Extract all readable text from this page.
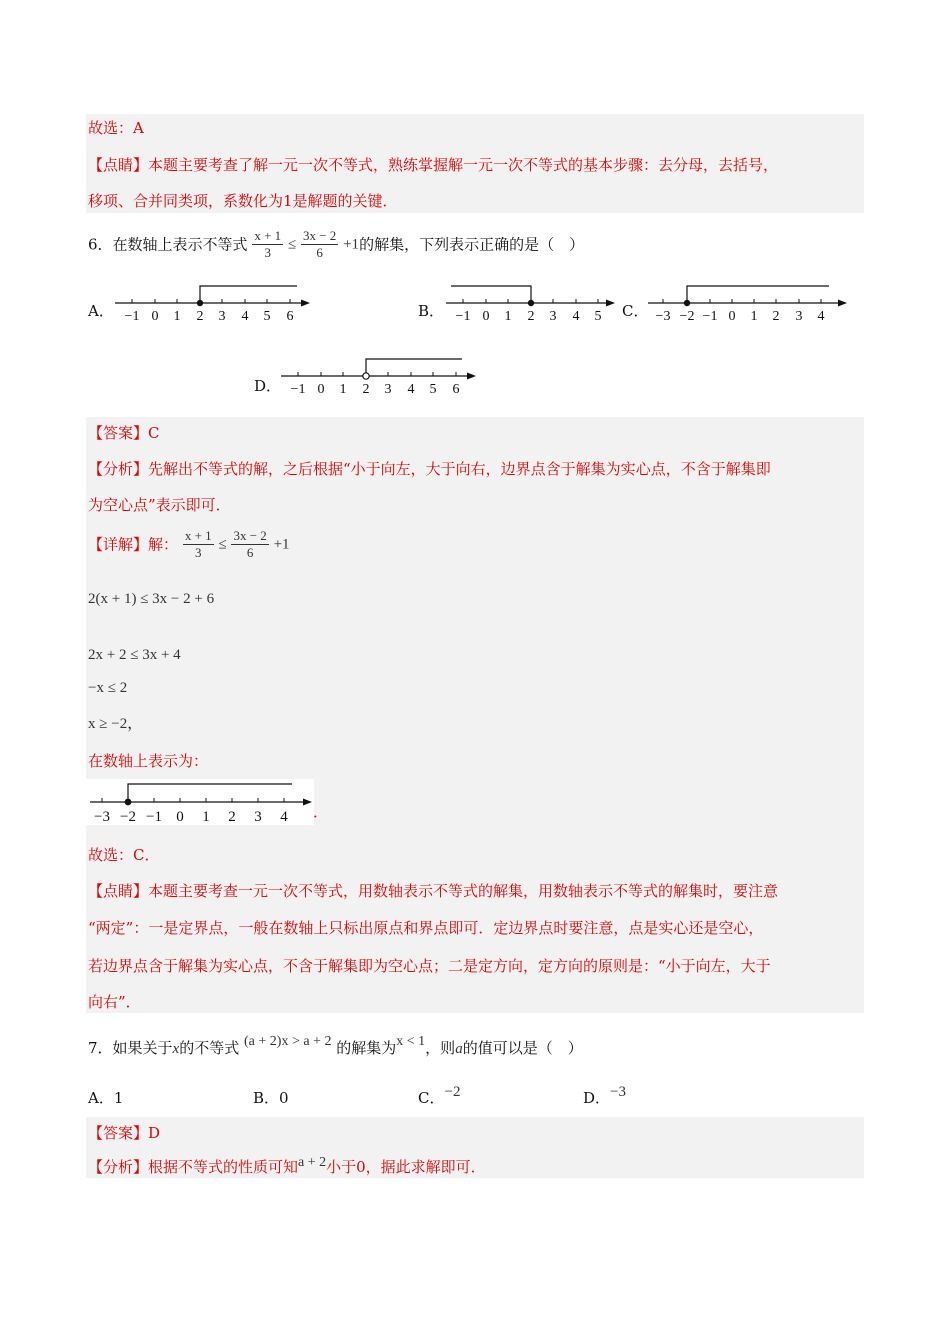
故选：A
【点睛】本题主要考查了解一元一次不等式，熟练掌握解一元一次不等式的基本步骤：去分母，去括号，
移项、合并同类项，系数化为1是解题的关键．
6．在数轴上表示不等式 $\frac{x + 1}{3} \le \frac{3x - 2}{6} +1$的解集，下列表示正确的是（　）
A．	B．	C．
D．
−1 0 1 2 3 4 5 6	−1 0 1 2 3 4 5	−3 −2 −1 0 1 2 3 4
−1 0 1 2 3 4 5 6
【答案】C
【分析】先解出不等式的解，之后根据“小于向左，大于向右，边界点含于解集为实心点，不含于解集即
为空心点”表示即可．
【详解】解： $\frac{x + 1}{3} \le \frac{3x - 2}{6} +1$
2(x + 1) ≤ 3x − 2 + 6
2x + 2 ≤ 3x + 4
−x ≤ 2
x ≥ −2，
在数轴上表示为：
−3 −2 −1 0 1 2 3 4 ．
故选：C．
【点睛】本题主要考查一元一次不等式，用数轴表示不等式的解集，用数轴表示不等式的解集时，要注意
“两定”：一是定界点，一般在数轴上只标出原点和界点即可．定边界点时要注意，点是实心还是空心，
若边界点含于解集为实心点，不含于解集即为空心点；二是定方向，定方向的原则是：“小于向左，大于
向右”．
7．如果关于x的不等式 (a + 2)x > a + 2 的解集为x < 1，则a的值可以是（　）
A．1	B．0	C．−2	D．−3
【答案】D
【分析】根据不等式的性质可知a + 2小于0，据此求解即可．
